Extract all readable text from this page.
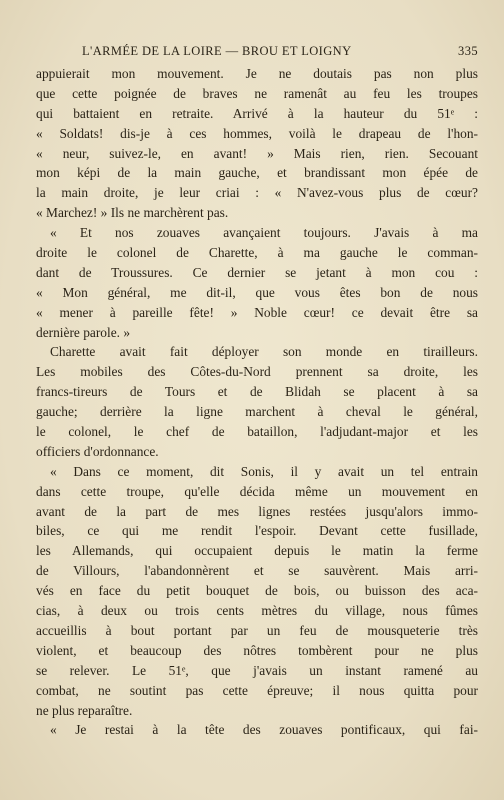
L'ARMÉE DE LA LOIRE — BROU ET LOIGNY	335
appuierait mon mouvement. Je ne doutais pas non plus
que cette poignée de braves ne ramenât au feu les troupes
qui battaient en retraite. Arrivé à la hauteur du 51ᵉ :
« Soldats! dis-je à ces hommes, voilà le drapeau de l'hon-
« neur, suivez-le, en avant! » Mais rien, rien. Secouant
mon képi de la main gauche, et brandissant mon épée de
la main droite, je leur criai : « N'avez-vous plus de cœur?
« Marchez! » Ils ne marchèrent pas.
« Et nos zouaves avançaient toujours. J'avais à ma
droite le colonel de Charette, à ma gauche le comman-
dant de Troussures. Ce dernier se jetant à mon cou :
« Mon général, me dit-il, que vous êtes bon de nous
« mener à pareille fête! » Noble cœur! ce devait être sa
dernière parole. »
Charette avait fait déployer son monde en tirailleurs.
Les mobiles des Côtes-du-Nord prennent sa droite, les
francs-tireurs de Tours et de Blidah se placent à sa
gauche; derrière la ligne marchent à cheval le général,
le colonel, le chef de bataillon, l'adjudant-major et les
officiers d'ordonnance.
« Dans ce moment, dit Sonis, il y avait un tel entrain
dans cette troupe, qu'elle décida même un mouvement en
avant de la part de mes lignes restées jusqu'alors immo-
biles, ce qui me rendit l'espoir. Devant cette fusillade,
les Allemands, qui occupaient depuis le matin la ferme
de Villours, l'abandonnèrent et se sauvèrent. Mais arri-
vés en face du petit bouquet de bois, ou buisson des aca-
cias, à deux ou trois cents mètres du village, nous fûmes
accueillis à bout portant par un feu de mousqueterie très
violent, et beaucoup des nôtres tombèrent pour ne plus
se relever. Le 51ᵉ, que j'avais un instant ramené au
combat, ne soutint pas cette épreuve; il nous quitta pour
ne plus reparaître.
« Je restai à la tête des zouaves pontificaux, qui fai-
